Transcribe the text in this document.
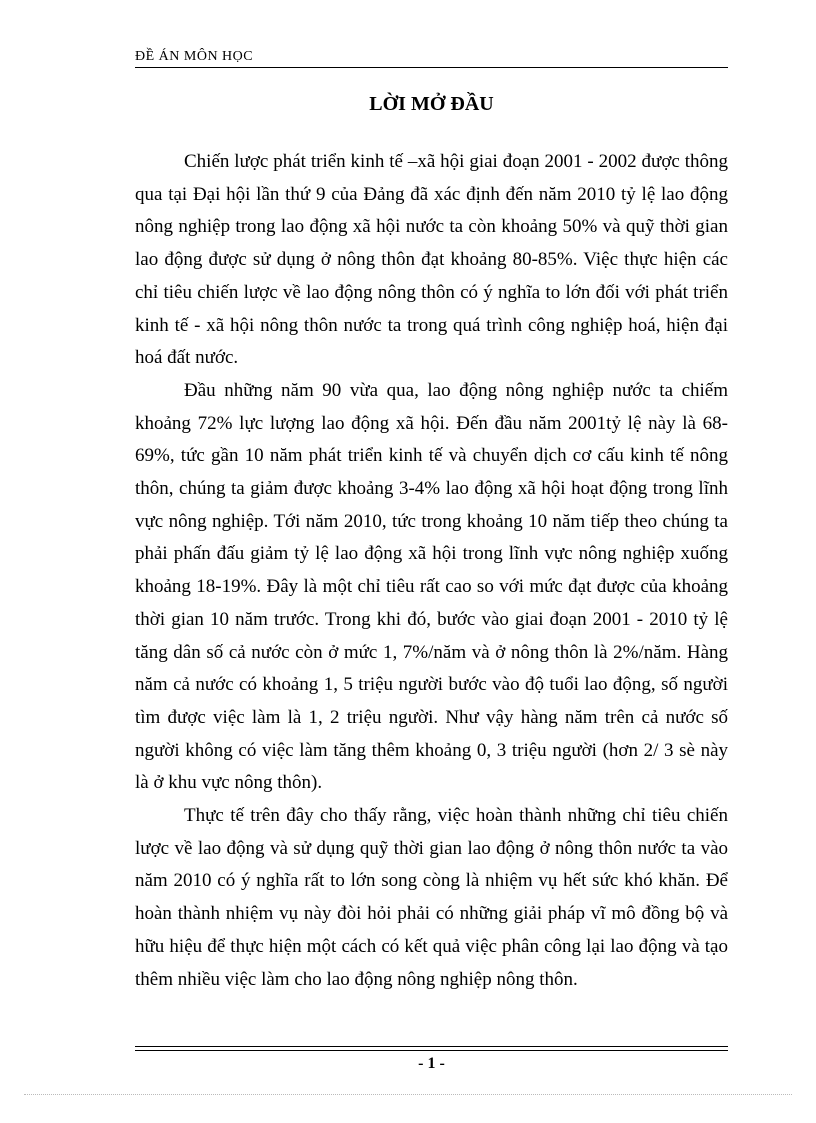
ĐỀ ÁN MÔN HỌC
LỜI MỞ ĐẦU

Chiến lược phát triển kinh tế –xã hội giai đoạn 2001 - 2002 được thông qua tại Đại hội lần thứ 9 của Đảng đã xác định đến năm 2010 tỷ lệ lao động nông nghiệp trong lao động xã hội nước ta còn khoảng 50% và quỹ thời gian lao động được sử dụng ở nông thôn đạt khoảng 80-85%. Việc thực hiện các chỉ tiêu chiến lược về lao động nông thôn có ý nghĩa to lớn đối với phát triển kinh tế - xã hội nông thôn nước ta trong quá trình công nghiệp hoá, hiện đại hoá đất nước.

Đầu những năm 90 vừa qua, lao động nông nghiệp nước ta chiếm khoảng 72% lực lượng lao động xã hội. Đến đầu năm 2001tỷ lệ này là 68-69%, tức gần 10 năm phát triển kinh tế và chuyển dịch cơ cấu kinh tế nông thôn, chúng ta giảm được khoảng 3-4% lao động xã hội hoạt động trong lĩnh vực nông nghiệp. Tới năm 2010, tức trong khoảng 10 năm tiếp theo chúng ta phải phấn đấu giảm tỷ lệ lao động xã hội trong lĩnh vực nông nghiệp xuống khoảng 18-19%. Đây là một chỉ tiêu rất cao so với mức đạt được của khoảng thời gian 10 năm trước. Trong khi đó, bước vào giai đoạn 2001 - 2010 tỷ lệ tăng dân số cả nước còn ở mức 1, 7%/năm và ở nông thôn là 2%/năm. Hàng năm cả nước có khoảng 1, 5 triệu người bước vào độ tuổi lao động, số người tìm được việc làm là 1, 2 triệu người. Như vậy hàng năm trên cả nước số người không có việc làm tăng thêm khoảng 0, 3 triệu người (hơn 2/ 3 sè này là ở khu vực nông thôn).

Thực tế trên đây cho thấy rằng, việc hoàn thành những chỉ tiêu chiến lược về lao động và sử dụng quỹ thời gian lao động ở nông thôn nước ta vào năm 2010 có ý nghĩa rất to lớn song còng là nhiệm vụ hết sức khó khăn. Để hoàn thành nhiệm vụ này đòi hỏi phải có những giải pháp vĩ mô đồng bộ và hữu hiệu để thực hiện một cách có kết quả việc phân công lại lao động và tạo thêm nhiều việc làm cho lao động nông nghiệp nông thôn.

- 1 -
